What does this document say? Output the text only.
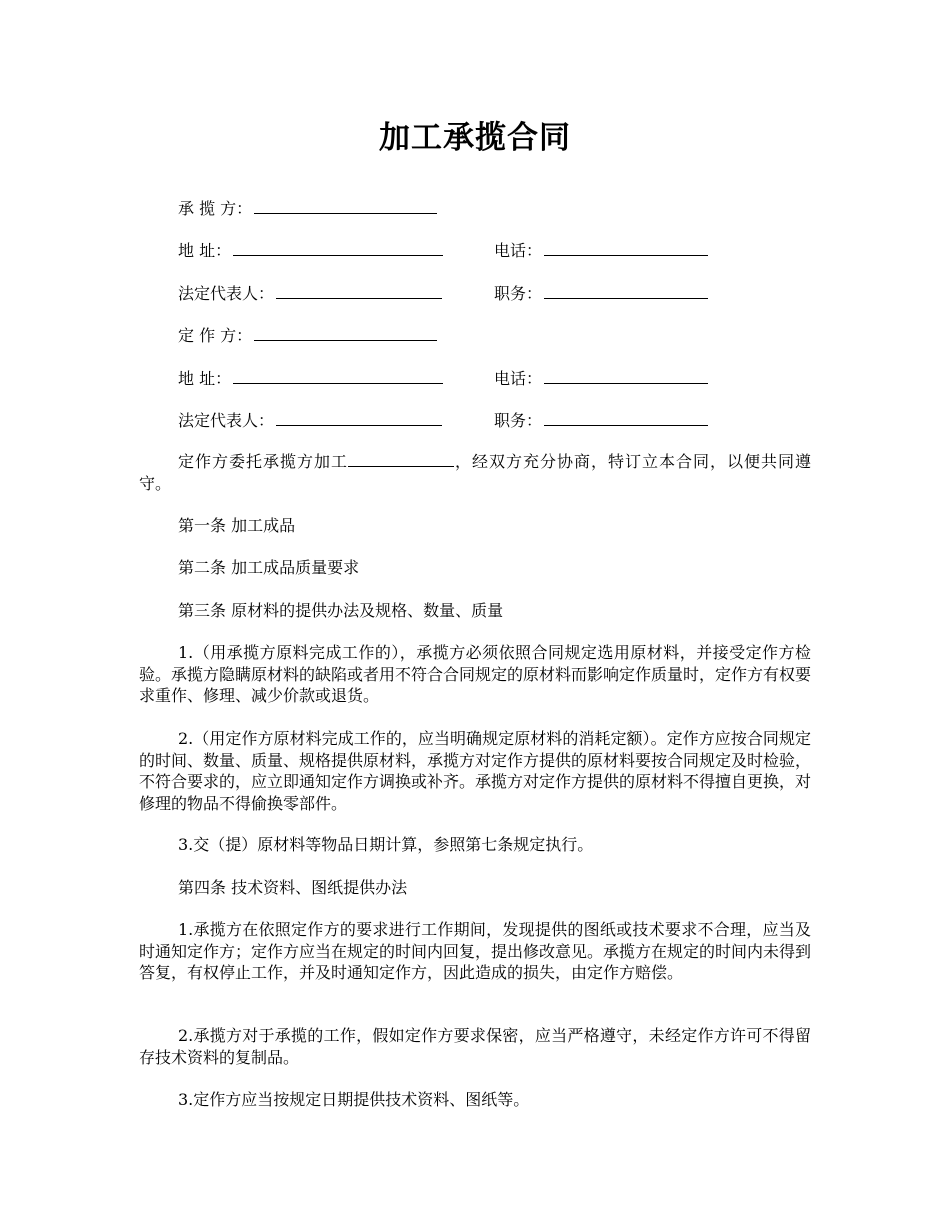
加工承揽合同
承 揽 方：
地 址：	电话：
法定代表人：	职务：
定 作 方：
地 址：	电话：
法定代表人：	职务：
定作方委托承揽方加工	，经双方充分协商，特订立本合同，以便共同遵守。
第一条 加工成品
第二条 加工成品质量要求
第三条 原材料的提供办法及规格、数量、质量
1.（用承揽方原料完成工作的），承揽方必须依照合同规定选用原材料，并接受定作方检验。承揽方隐瞒原材料的缺陷或者用不符合合同规定的原材料而影响定作质量时，定作方有权要求重作、修理、减少价款或退货。
2.（用定作方原材料完成工作的，应当明确规定原材料的消耗定额）。定作方应按合同规定的时间、数量、质量、规格提供原材料，承揽方对定作方提供的原材料要按合同规定及时检验，不符合要求的，应立即通知定作方调换或补齐。承揽方对定作方提供的原材料不得擅自更换，对修理的物品不得偷换零部件。
3.交（提）原材料等物品日期计算，参照第七条规定执行。
第四条 技术资料、图纸提供办法
1.承揽方在依照定作方的要求进行工作期间，发现提供的图纸或技术要求不合理，应当及时通知定作方；定作方应当在规定的时间内回复，提出修改意见。承揽方在规定的时间内未得到答复，有权停止工作，并及时通知定作方，因此造成的损失，由定作方赔偿。
2.承揽方对于承揽的工作，假如定作方要求保密，应当严格遵守，未经定作方许可不得留存技术资料的复制品。
3.定作方应当按规定日期提供技术资料、图纸等。
